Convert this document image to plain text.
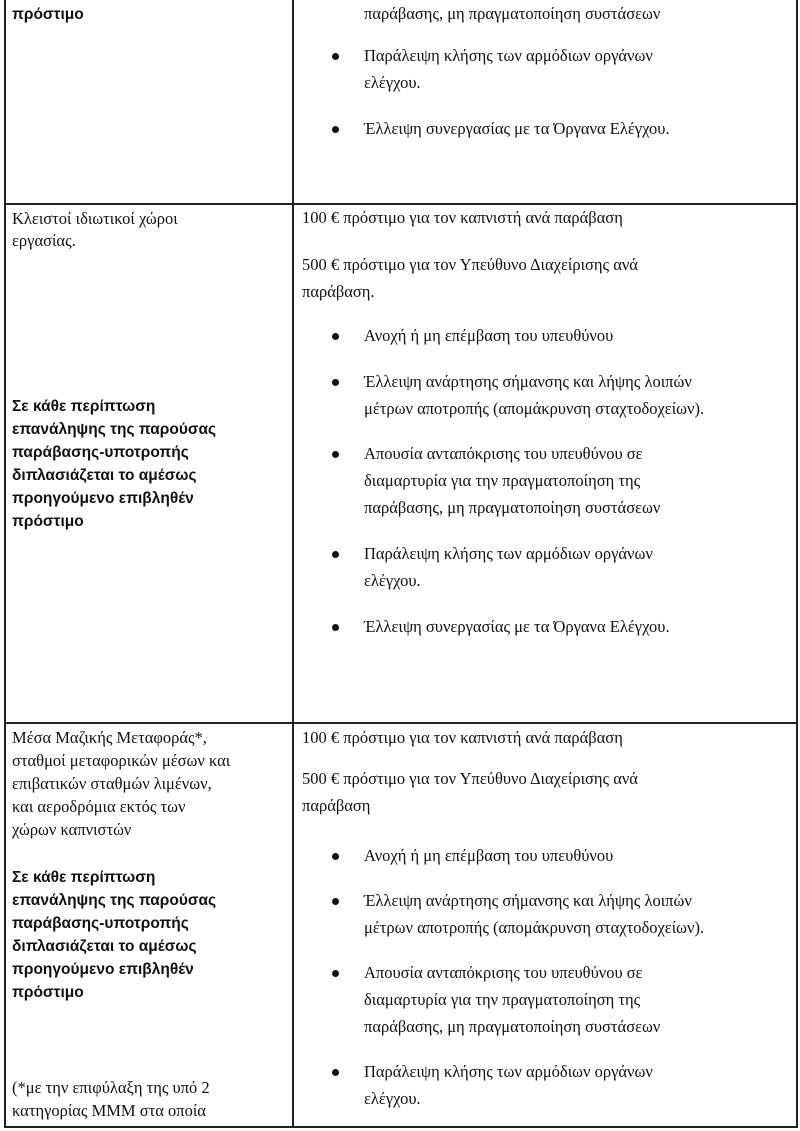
πρόστιμο	παράβασης, μη πραγματοποίηση συστάσεων
Παράλειψη κλήσης των αρμόδιων οργάνων
ελέγχου.
Έλλειψη συνεργασίας με τα Όργανα Ελέγχου.
Κλειστοί ιδιωτικοί χώροι
εργασίας.
Σε κάθε περίπτωση
επανάληψης της παρούσας
παράβασης-υποτροπής
διπλασιάζεται το αμέσως
προηγούμενο επιβληθέν
πρόστιμο
100 € πρόστιμο για τον καπνιστή ανά παράβαση
500 € πρόστιμο για τον Υπεύθυνο Διαχείρισης ανά
παράβαση.
Ανοχή ή μη επέμβαση του υπευθύνου
Έλλειψη ανάρτησης σήμανσης και λήψης λοιπών
μέτρων αποτροπής (απομάκρυνση σταχτοδοχείων).
Απουσία ανταπόκρισης του υπευθύνου σε
διαμαρτυρία για την πραγματοποίηση της
παράβασης, μη πραγματοποίηση συστάσεων
Παράλειψη κλήσης των αρμόδιων οργάνων
ελέγχου.
Έλλειψη συνεργασίας με τα Όργανα Ελέγχου.
Μέσα Μαζικής Μεταφοράς*,
σταθμοί μεταφορικών μέσων και
επιβατικών σταθμών λιμένων,
και αεροδρόμια εκτός των
χώρων καπνιστών
Σε κάθε περίπτωση
επανάληψης της παρούσας
παράβασης-υποτροπής
διπλασιάζεται το αμέσως
προηγούμενο επιβληθέν
πρόστιμο
(*με την επιφύλαξη της υπό 2
κατηγορίας ΜΜΜ στα οποία
100 € πρόστιμο για τον καπνιστή ανά παράβαση
500 € πρόστιμο για τον Υπεύθυνο Διαχείρισης ανά
παράβαση
Ανοχή ή μη επέμβαση του υπευθύνου
Έλλειψη ανάρτησης σήμανσης και λήψης λοιπών
μέτρων αποτροπής (απομάκρυνση σταχτοδοχείων).
Απουσία ανταπόκρισης του υπευθύνου σε
διαμαρτυρία για την πραγματοποίηση της
παράβασης, μη πραγματοποίηση συστάσεων
Παράλειψη κλήσης των αρμόδιων οργάνων
ελέγχου.
